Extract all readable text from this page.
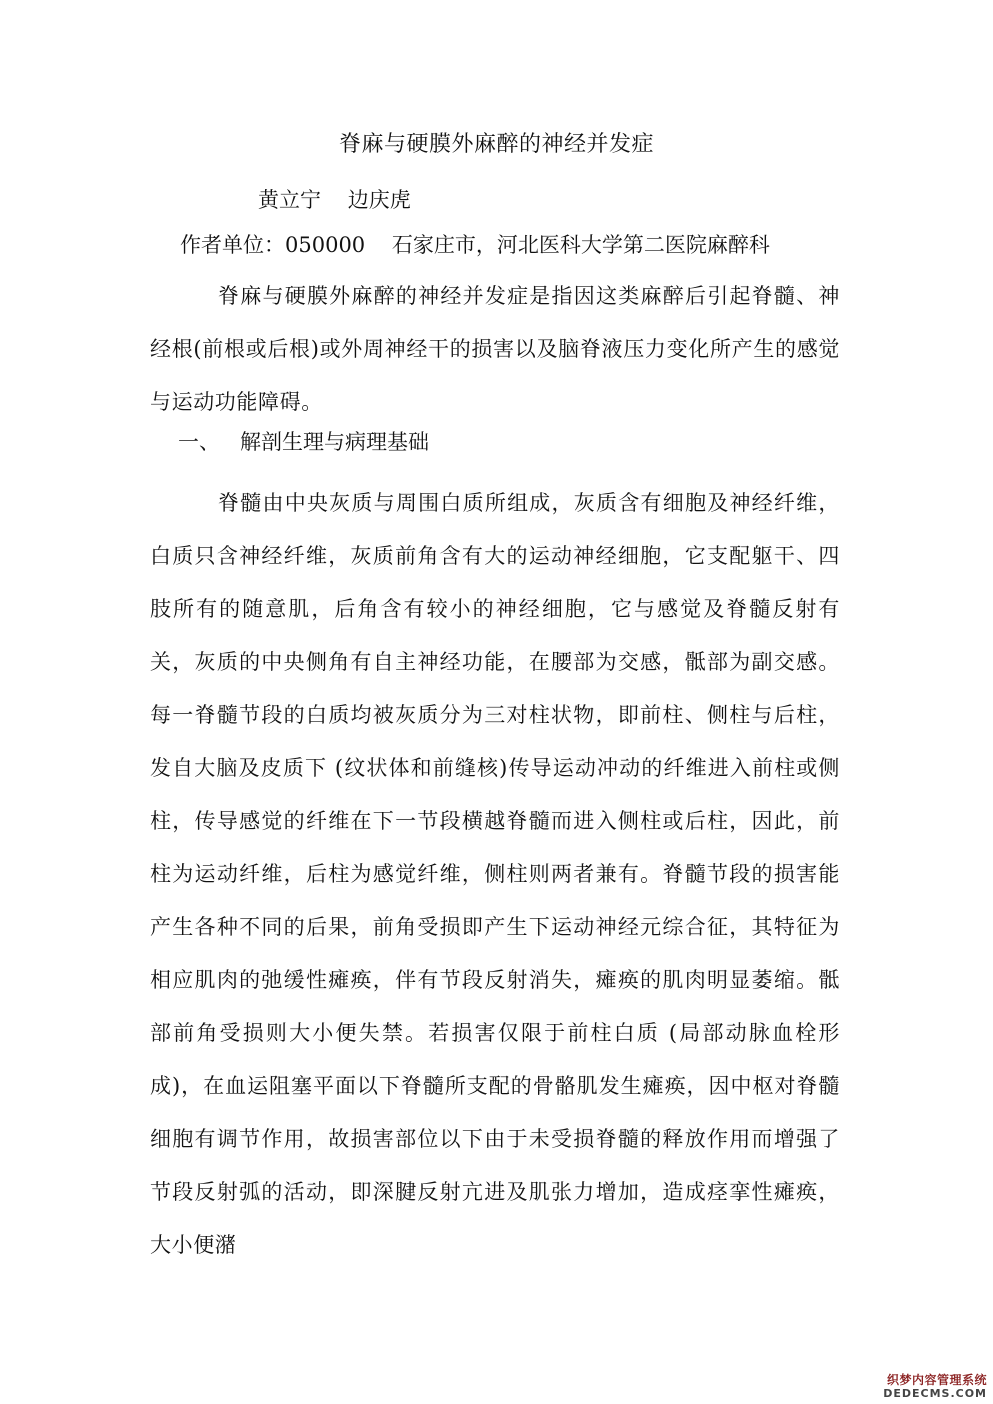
脊麻与硬膜外麻醉的神经并发症
黄立宁    边庆虎
作者单位：050000    石家庄市，河北医科大学第二医院麻醉科
脊麻与硬膜外麻醉的神经并发症是指因这类麻醉后引起脊髓、神经根(前根或后根)或外周神经干的损害以及脑脊液压力变化所产生的感觉与运动功能障碍。
一、   解剖生理与病理基础
脊髓由中央灰质与周围白质所组成，灰质含有细胞及神经纤维，白质只含神经纤维，灰质前角含有大的运动神经细胞，它支配躯干、四肢所有的随意肌，后角含有较小的神经细胞，它与感觉及脊髓反射有关，灰质的中央侧角有自主神经功能，在腰部为交感，骶部为副交感。每一脊髓节段的白质均被灰质分为三对柱状物，即前柱、侧柱与后柱，发自大脑及皮质下 (纹状体和前缝核)传导运动冲动的纤维进入前柱或侧柱，传导感觉的纤维在下一节段横越脊髓而进入侧柱或后柱，因此，前柱为运动纤维，后柱为感觉纤维，侧柱则两者兼有。脊髓节段的损害能产生各种不同的后果，前角受损即产生下运动神经元综合征，其特征为相应肌肉的弛缓性瘫痪，伴有节段反射消失，瘫痪的肌肉明显萎缩。骶部前角受损则大小便失禁。若损害仅限于前柱白质 (局部动脉血栓形成)，在血运阻塞平面以下脊髓所支配的骨骼肌发生瘫痪，因中枢对脊髓细胞有调节作用，故损害部位以下由于未受损脊髓的释放作用而增强了节段反射弧的活动，即深腱反射亢进及肌张力增加，造成痉挛性瘫痪，大小便潴
织梦内容管理系统
DEDECMS.COM
